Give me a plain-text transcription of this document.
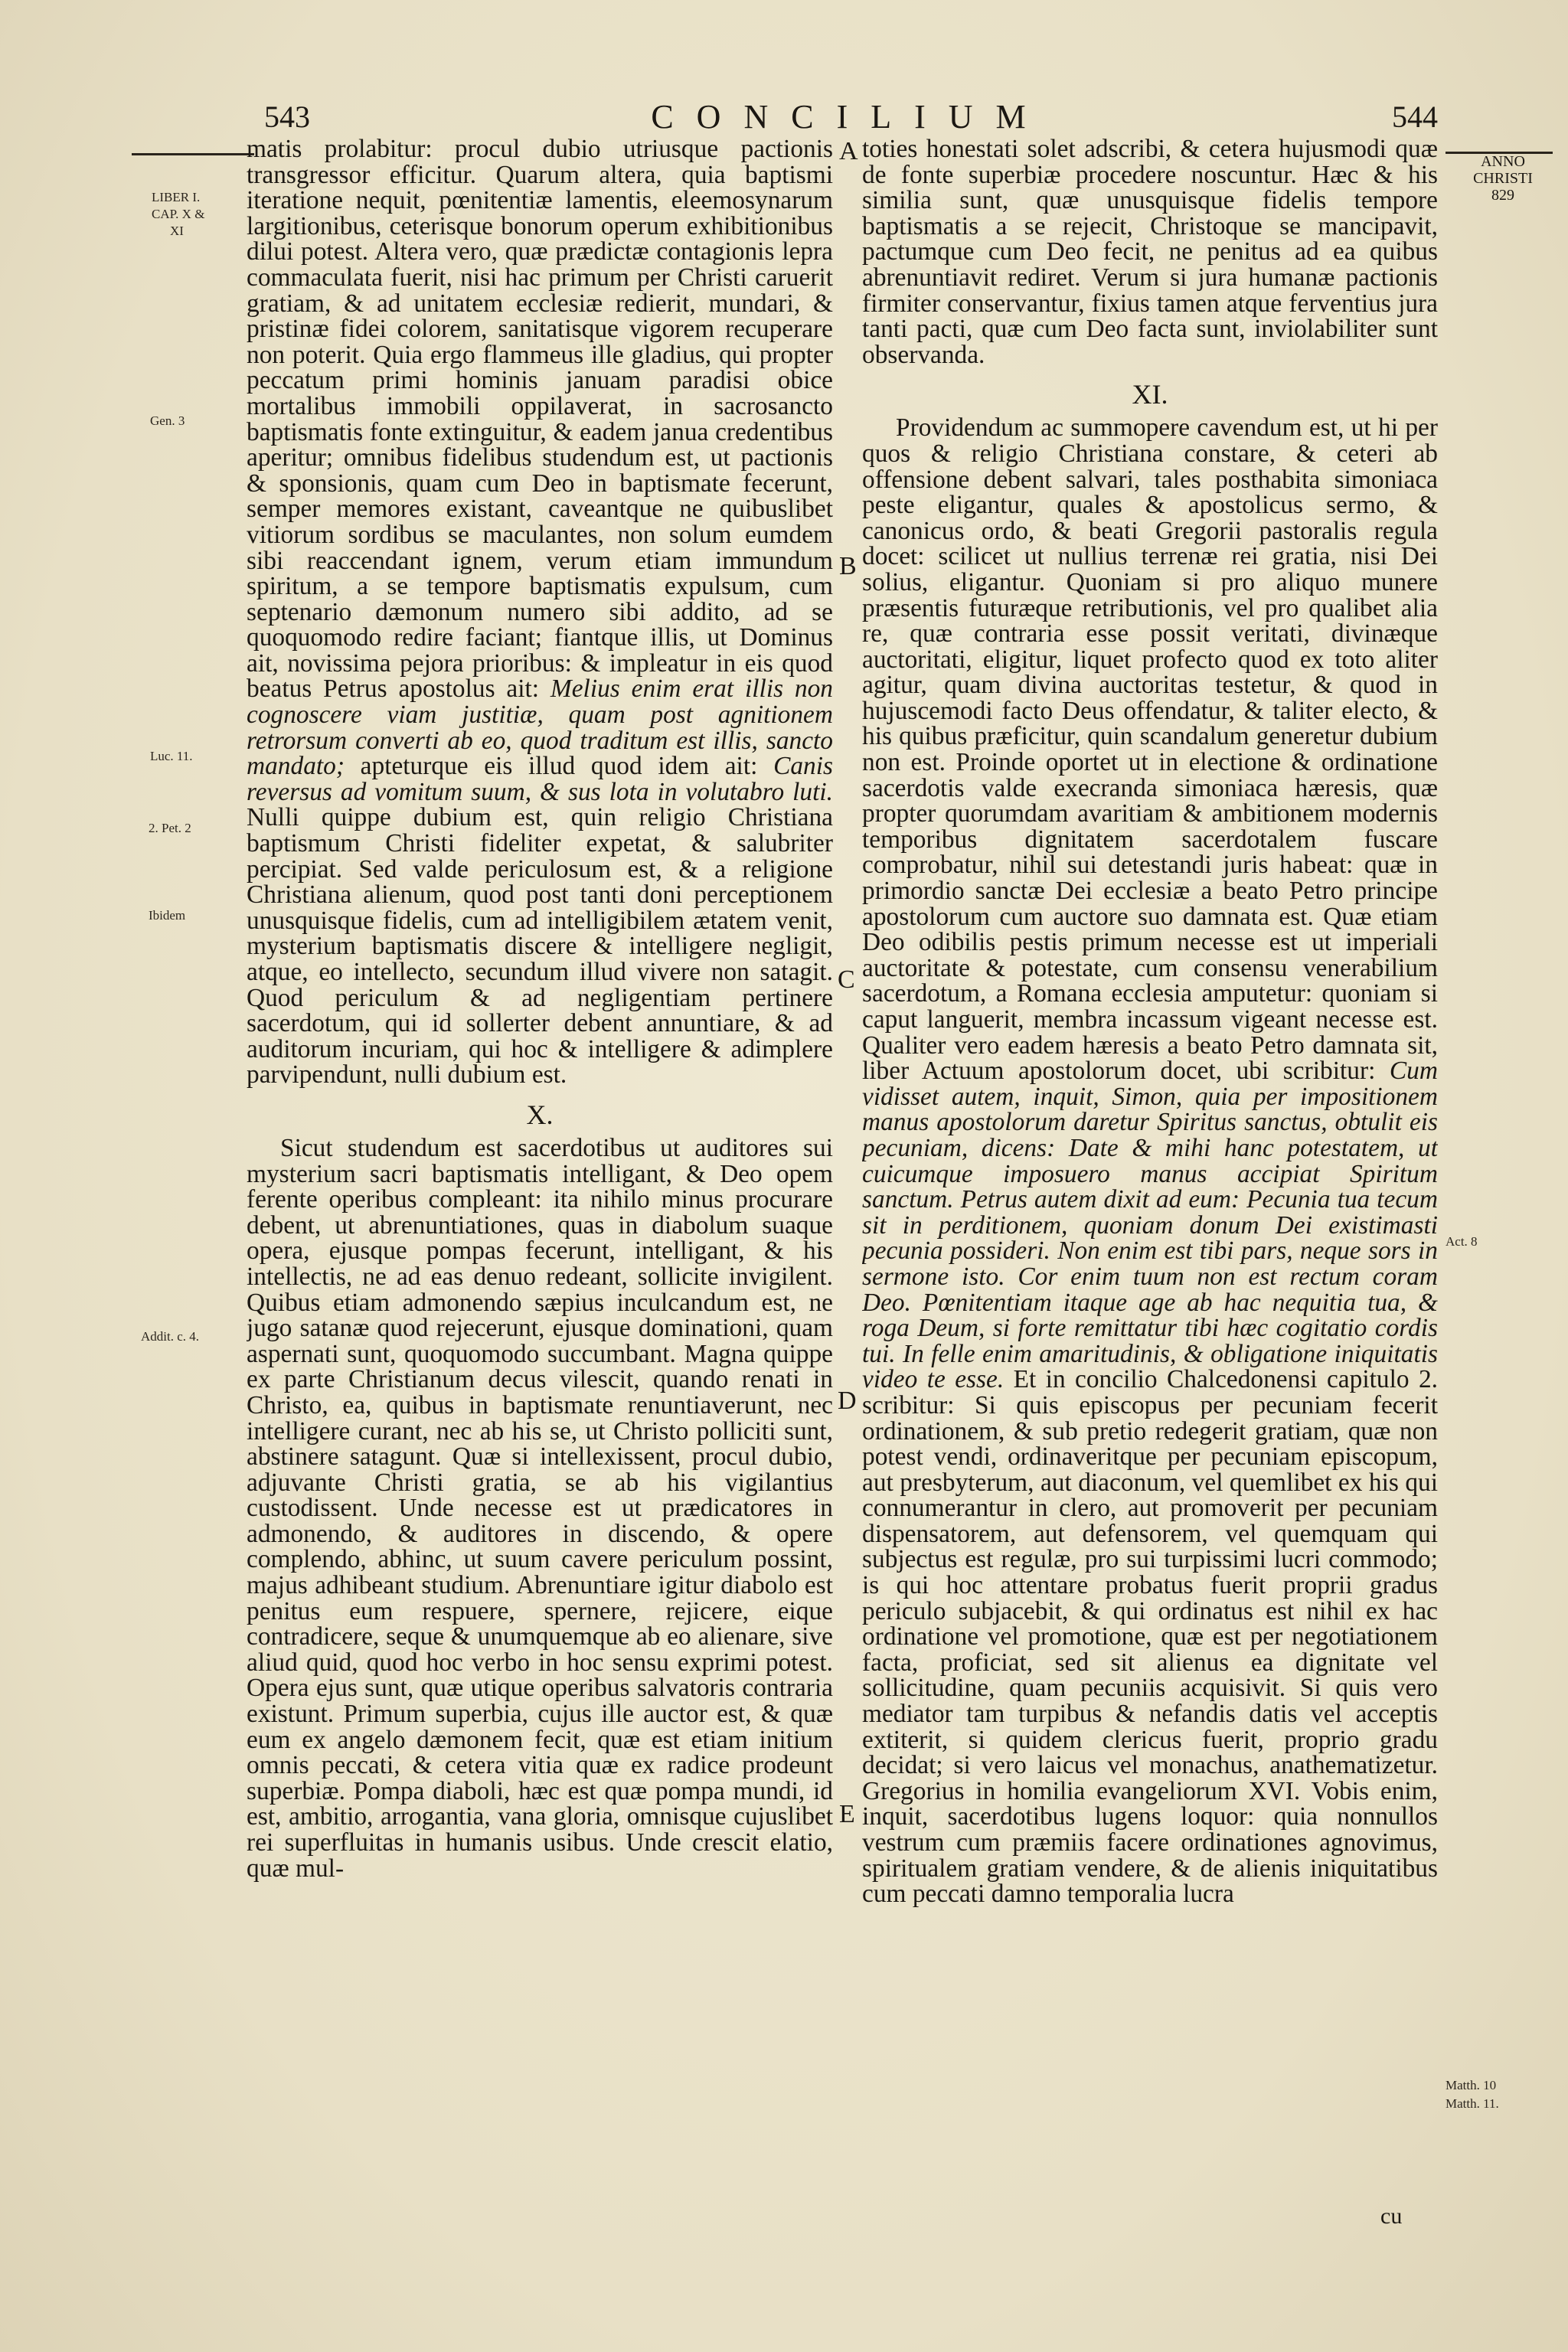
543	CONCILIUM	544
LIBER I.
CAP. X &
XI
Gen. 3
Luc. 11.
2. Pet. 2
Ibidem
Addit. c. 4.
ANNO
CHRISTI
829
Act. 8
Matth. 10
Matth. 11.
A
B
C
D
E

matis prolabitur: procul dubio utriusque pactionis transgressor efficitur. Quarum altera, quia baptismi iteratione nequit, pœnitentiæ lamentis, eleemosynarum largitionibus, ceterisque bonorum operum exhibitionibus dilui potest. Altera vero, quæ prædictæ contagionis lepra commaculata fuerit, nisi hac primum per Christi caruerit gratiam, & ad unitatem ecclesiæ redierit, mundari, & pristinæ fidei colorem, sanitatisque vigorem recuperare non poterit. Quia ergo flammeus ille gladius, qui propter peccatum primi hominis januam paradisi obice mortalibus immobili oppilaverat, in sacrosancto baptismatis fonte extinguitur, & eadem janua credentibus aperitur; omnibus fidelibus studendum est, ut pactionis & sponsionis, quam cum Deo in baptismate fecerunt, semper memores existant, caveantque ne quibuslibet vitiorum sordibus se maculantes, non solum eumdem sibi reaccendant ignem, verum etiam immundum spiritum, a se tempore baptismatis expulsum, cum septenario dæmonum numero sibi addito, ad se quoquomodo redire faciant; fiantque illis, ut Dominus ait, novissima pejora prioribus: & impleatur in eis quod beatus Petrus apostolus ait: Melius enim erat illis non cognoscere viam justitiæ, quam post agnitionem retrorsum converti ab eo, quod traditum est illis, sancto mandato; apteturque eis illud quod idem ait: Canis reversus ad vomitum suum, & sus lota in volutabro luti. Nulli quippe dubium est, quin religio Christiana baptismum Christi fideliter expetat, & salubriter percipiat. Sed valde periculosum est, & a religione Christiana alienum, quod post tanti doni perceptionem unusquisque fidelis, cum ad intelligibilem ætatem venit, mysterium baptismatis discere & intelligere negligit, atque, eo intellecto, secundum illud vivere non satagit. Quod periculum & ad negligentiam pertinere sacerdotum, qui id sollerter debent annuntiare, & ad auditorum incuriam, qui hoc & intelligere & adimplere parvipendunt, nulli dubium est.

X.

Sicut studendum est sacerdotibus ut auditores sui mysterium sacri baptismatis intelligant, & Deo opem ferente operibus compleant: ita nihilo minus procurare debent, ut abrenuntiationes, quas in diabolum suaque opera, ejusque pompas fecerunt, intelligant, & his intellectis, ne ad eas denuo redeant, sollicite invigilent. Quibus etiam admonendo sæpius inculcandum est, ne jugo satanæ quod rejecerunt, ejusque dominationi, quam aspernati sunt, quoquomodo succumbant. Magna quippe ex parte Christianum decus vilescit, quando renati in Christo, ea, quibus in baptismate renuntiaverunt, nec intelligere curant, nec ab his se, ut Christo polliciti sunt, abstinere satagunt. Quæ si intellexissent, procul dubio, adjuvante Christi gratia, se ab his vigilantius custodissent. Unde necesse est ut prædicatores in admonendo, & auditores in discendo, & opere complendo, abhinc, ut suum cavere periculum possint, majus adhibeant studium. Abrenuntiare igitur diabolo est penitus eum respuere, spernere, rejicere, eique contradicere, seque & unumquemque ab eo alienare, sive aliud quid, quod hoc verbo in hoc sensu exprimi potest. Opera ejus sunt, quæ utique operibus salvatoris contraria existunt. Primum superbia, cujus ille auctor est, & quæ eum ex angelo dæmonem fecit, quæ est etiam initium omnis peccati, & cetera vitia quæ ex radice prodeunt superbiæ. Pompa diaboli, hæc est quæ pompa mundi, id est, ambitio, arrogantia, vana gloria, omnisque cujuslibet rei superfluitas in humanis usibus. Unde crescit elatio, quæ mul-

toties honestati solet adscribi, & cetera hujusmodi quæ de fonte superbiæ procedere noscuntur. Hæc & his similia sunt, quæ unusquisque fidelis tempore baptismatis a se rejecit, Christoque se mancipavit, pactumque cum Deo fecit, ne penitus ad ea quibus abrenuntiavit rediret. Verum si jura humanæ pactionis firmiter conservantur, fixius tamen atque ferventius jura tanti pacti, quæ cum Deo facta sunt, inviolabiliter sunt observanda.

XI.

Providendum ac summopere cavendum est, ut hi per quos & religio Christiana constare, & ceteri ab offensione debent salvari, tales posthabita simoniaca peste eligantur, quales & apostolicus sermo, & canonicus ordo, & beati Gregorii pastoralis regula docet: scilicet ut nullius terrenæ rei gratia, nisi Dei solius, eligantur. Quoniam si pro aliquo munere præsentis futuræque retributionis, vel pro qualibet alia re, quæ contraria esse possit veritati, divinæque auctoritati, eligitur, liquet profecto quod ex toto aliter agitur, quam divina auctoritas testetur, & quod in hujuscemodi facto Deus offendatur, & taliter electo, & his quibus præficitur, quin scandalum generetur dubium non est. Proinde oportet ut in electione & ordinatione sacerdotis valde execranda simoniaca hæresis, quæ propter quorumdam avaritiam & ambitionem modernis temporibus dignitatem sacerdotalem fuscare comprobatur, nihil sui detestandi juris habeat: quæ in primordio sanctæ Dei ecclesiæ a beato Petro principe apostolorum cum auctore suo damnata est. Quæ etiam Deo odibilis pestis primum necesse est ut imperiali auctoritate & potestate, cum consensu venerabilium sacerdotum, a Romana ecclesia amputetur: quoniam si caput languerit, membra incassum vigeant necesse est. Qualiter vero eadem hæresis a beato Petro damnata sit, liber Actuum apostolorum docet, ubi scribitur: Cum vidisset autem, inquit, Simon, quia per impositionem manus apostolorum daretur Spiritus sanctus, obtulit eis pecuniam, dicens: Date & mihi hanc potestatem, ut cuicumque imposuero manus accipiat Spiritum sanctum. Petrus autem dixit ad eum: Pecunia tua tecum sit in perditionem, quoniam donum Dei existimasti pecunia possideri. Non enim est tibi pars, neque sors in sermone isto. Cor enim tuum non est rectum coram Deo. Pœnitentiam itaque age ab hac nequitia tua, & roga Deum, si forte remittatur tibi hæc cogitatio cordis tui. In felle enim amaritudinis, & obligatione iniquitatis video te esse. Et in concilio Chalcedonensi capitulo 2. scribitur: Si quis episcopus per pecuniam fecerit ordinationem, & sub pretio redegerit gratiam, quæ non potest vendi, ordinaveritque per pecuniam episcopum, aut presbyterum, aut diaconum, vel quemlibet ex his qui connumerantur in clero, aut promoverit per pecuniam dispensatorem, aut defensorem, vel quemquam qui subjectus est regulæ, pro sui turpissimi lucri commodo; is qui hoc attentare probatus fuerit proprii gradus periculo subjacebit, & qui ordinatus est nihil ex hac ordinatione vel promotione, quæ est per negotiationem facta, proficiat, sed sit alienus ea dignitate vel sollicitudine, quam pecuniis acquisivit. Si quis vero mediator tam turpibus & nefandis datis vel acceptis extiterit, si quidem clericus fuerit, proprio gradu decidat; si vero laicus vel monachus, anathematizetur. Gregorius in homilia evangeliorum XVI. Vobis enim, inquit, sacerdotibus lugens loquor: quia nonnullos vestrum cum præmiis facere ordinationes agnovimus, spiritualem gratiam vendere, & de alienis iniquitatibus cum peccati damno temporalia lucra

cu
